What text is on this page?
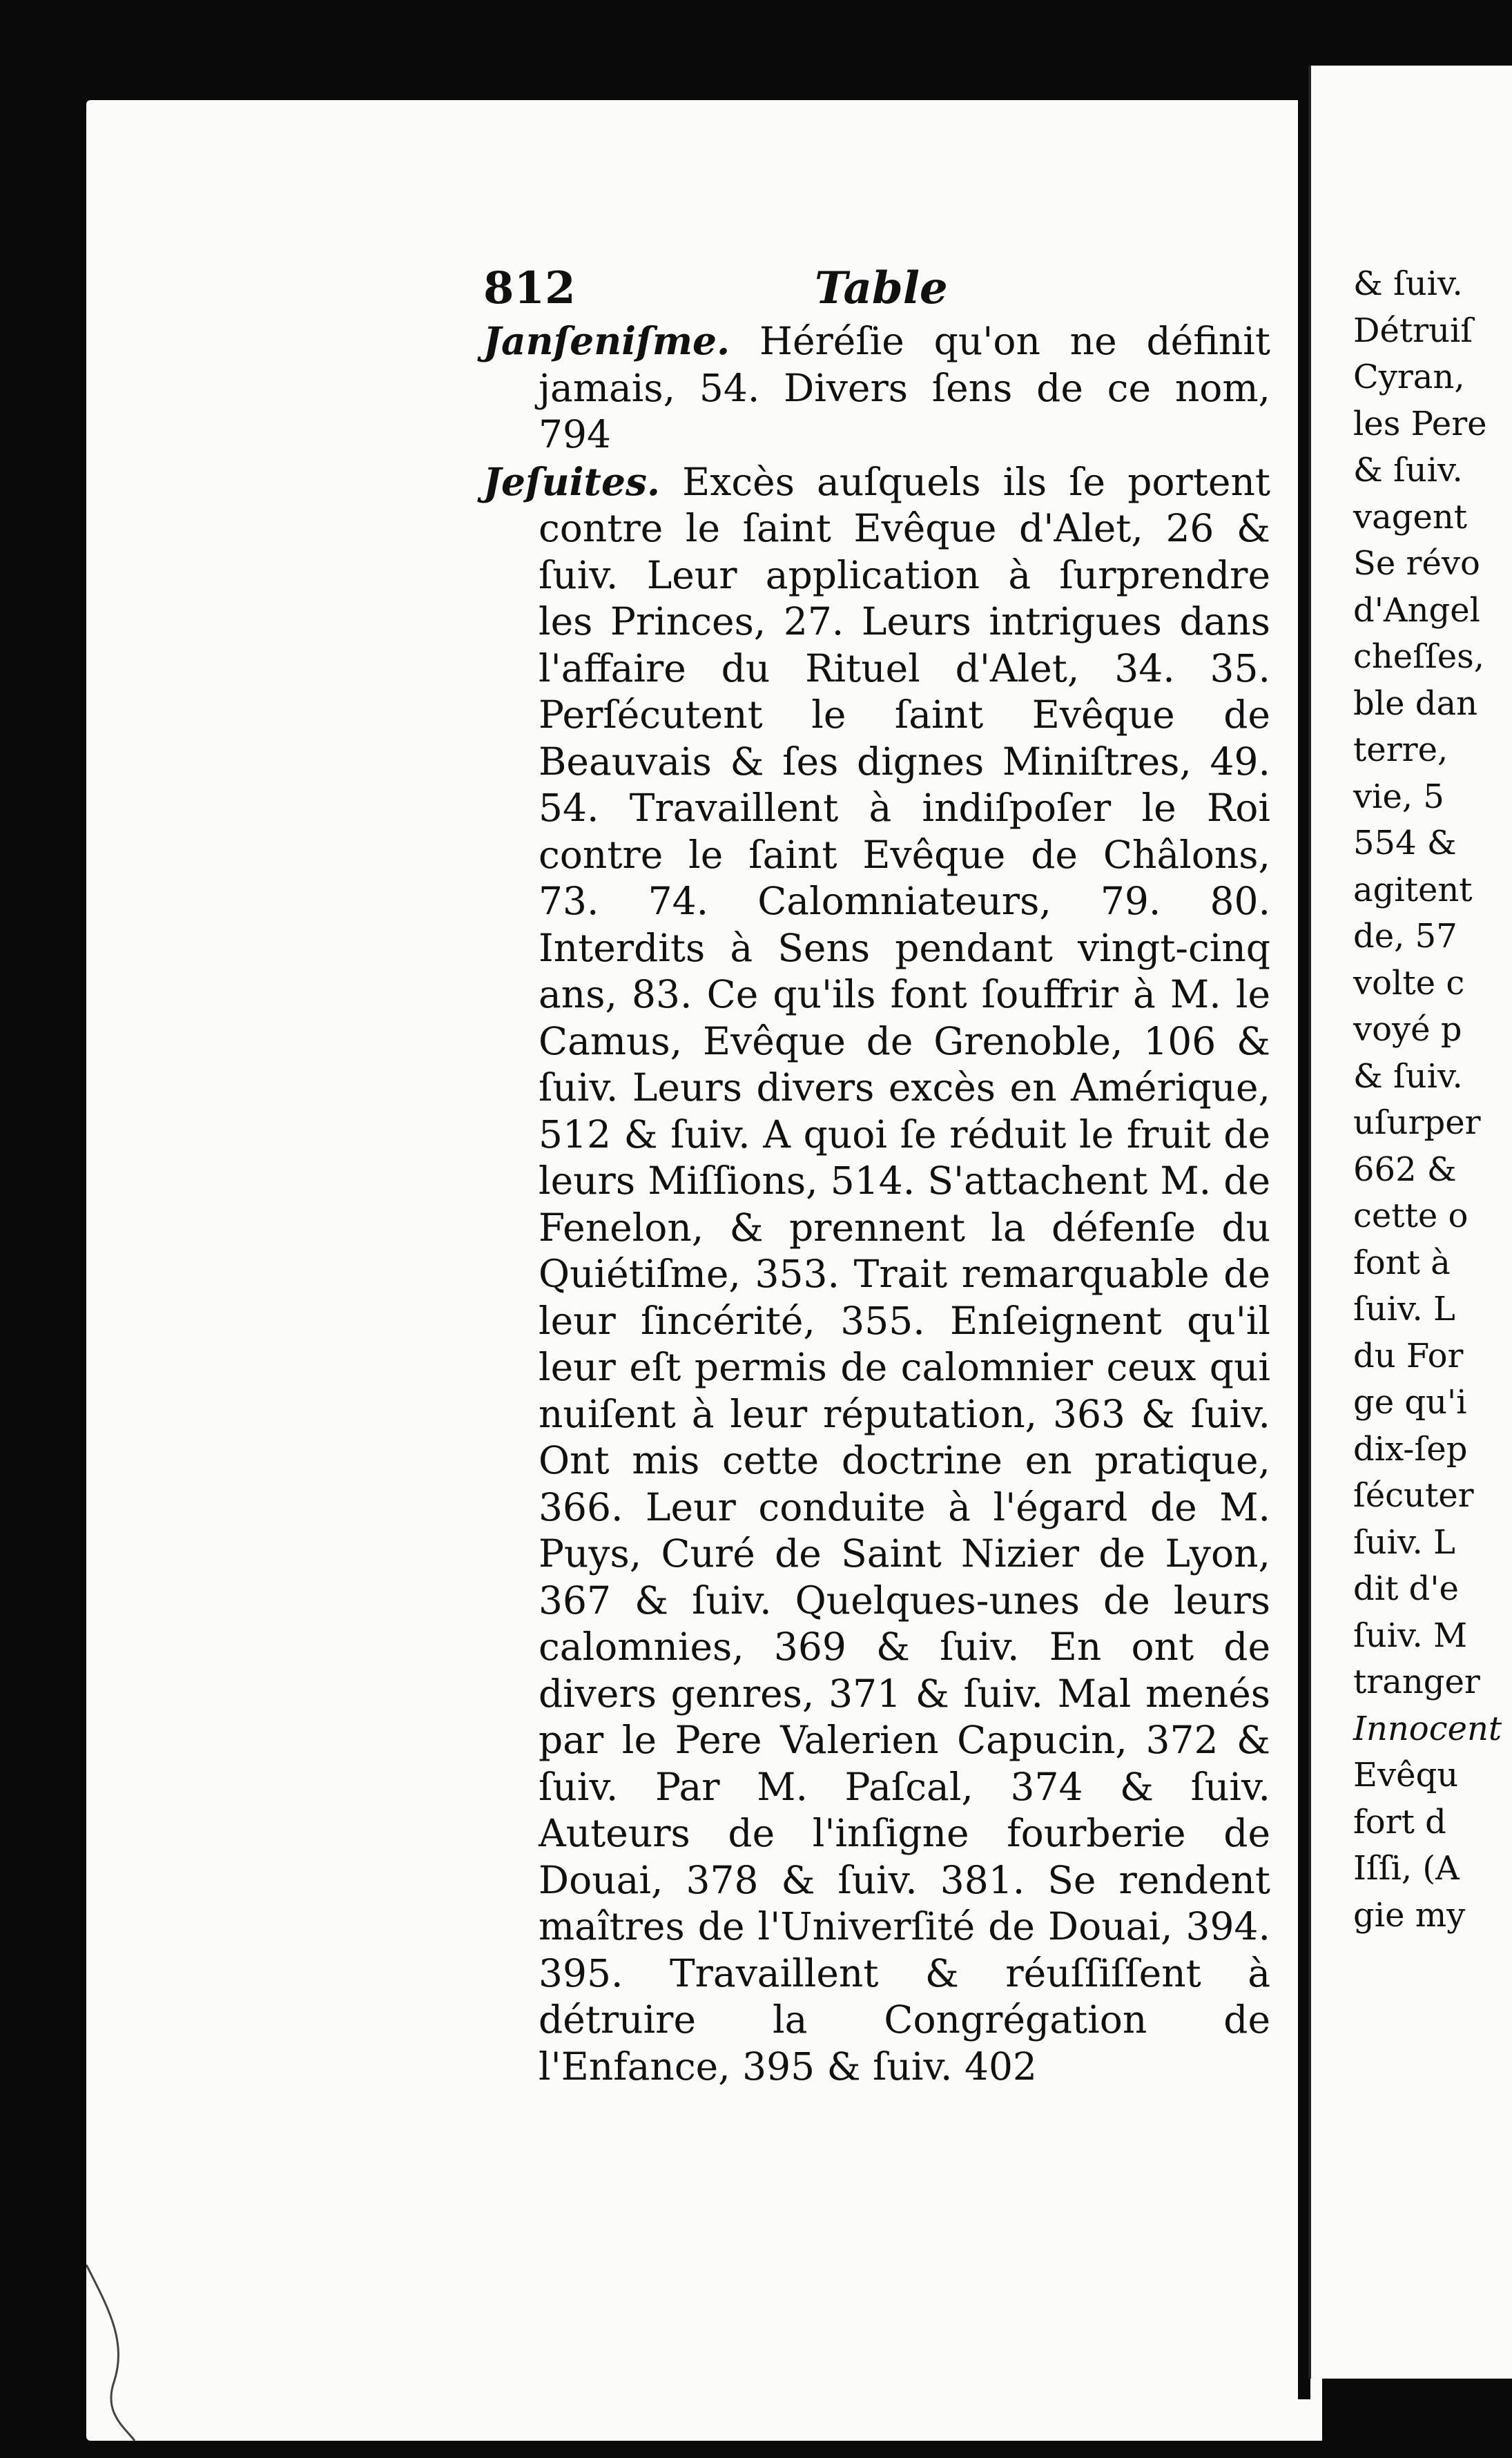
812	Table

Janſeniſme. Héréſie qu'on ne définit jamais, 54. Divers ſens de ce nom, 794

Jeſuites. Excès auſquels ils ſe portent contre le ſaint Evêque d'Alet, 26 & ſuiv. Leur application à ſurprendre les Princes, 27. Leurs intrigues dans l'affaire du Rituel d'Alet, 34. 35. Perſécutent le ſaint Evêque de Beauvais & ſes dignes Miniſtres, 49. 54. Travaillent à indiſpoſer le Roi contre le ſaint Evêque de Châlons, 73. 74. Calomniateurs, 79. 80. Interdits à Sens pendant vingt-cinq ans, 83. Ce qu'ils font ſouffrir à M. le Camus, Evêque de Grenoble, 106 & ſuiv. Leurs divers excès en Amérique, 512 & ſuiv. A quoi ſe réduit le fruit de leurs Miſſions, 514. S'attachent M. de Fenelon, & prennent la défenſe du Quiétiſme, 353. Trait remarquable de leur ſincérité, 355. Enſeignent qu'il leur eſt permis de calomnier ceux qui nuiſent à leur réputation, 363 & ſuiv. Ont mis cette doctrine en pratique, 366. Leur conduite à l'égard de M. Puys, Curé de Saint Nizier de Lyon, 367 & ſuiv. Quelques-unes de leurs calomnies, 369 & ſuiv. En ont de divers genres, 371 & ſuiv. Mal menés par le Pere Valerien Capucin, 372 & ſuiv. Par M. Paſcal, 374 & ſuiv. Auteurs de l'inſigne fourberie de Douai, 378 & ſuiv. 381. Se rendent maîtres de l'Univerſité de Douai, 394. 395. Travaillent & réuſſiſſent à détruire la Congrégation de l'Enfance, 395 & ſuiv. 402

& ſuiv.
Détruiſ
Cyran,
les Pere
& ſuiv.
vagent
Se révo
d'Angel
cheſſes,
ble dan
terre,
vie, 5
554 &
agitent
de, 57
volte c
voyé p
& ſuiv.
uſurper
662 &
cette o
font à
ſuiv. L
du For
ge qu'i
dix-ſep
ſécuter
ſuiv. L
dit d'e
ſuiv. M
tranger
Innocent
Evêqu
fort d
Iſſi, (A
gie my
